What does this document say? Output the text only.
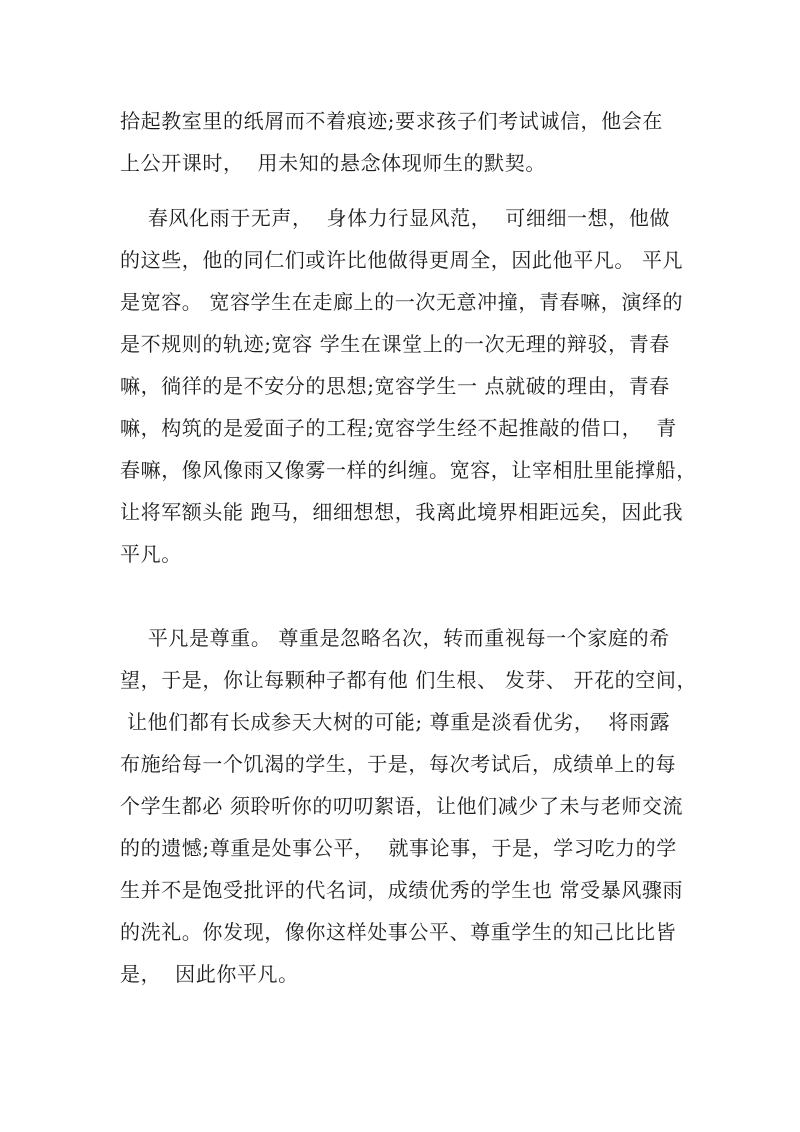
拾起教室里的纸屑而不着痕迹;要求孩子们考试诚信，他会在
上公开课时，  用未知的悬念体现师生的默契。
春风化雨于无声，  身体力行显风范，  可细细一想，他做
的这些，他的同仁们或许比他做得更周全，因此他平凡。 平凡
是宽容。 宽容学生在走廊上的一次无意冲撞，青春嘛，演绎的
是不规则的轨迹;宽容 学生在课堂上的一次无理的辩驳，青春
嘛，徜徉的是不安分的思想;宽容学生一 点就破的理由，青春
嘛，构筑的是爱面子的工程;宽容学生经不起推敲的借口，  青
春嘛，像风像雨又像雾一样的纠缠。宽容，让宰相肚里能撑船，
让将军额头能 跑马，细细想想，我离此境界相距远矣，因此我
平凡。
平凡是尊重。 尊重是忽略名次，转而重视每一个家庭的希
望，于是，你让每颗种子都有他 们生根、 发芽、 开花的空间，
让他们都有长成参天大树的可能; 尊重是淡看优劣，  将雨露
布施给每一个饥渴的学生，于是，每次考试后，成绩单上的每
个学生都必 须聆听你的叨叨絮语，让他们减少了未与老师交流
的的遗憾;尊重是处事公平，  就事论事，于是，学习吃力的学
生并不是饱受批评的代名词，成绩优秀的学生也 常受暴风骤雨
的洗礼。你发现，像你这样处事公平、尊重学生的知己比比皆
是，  因此你平凡。
